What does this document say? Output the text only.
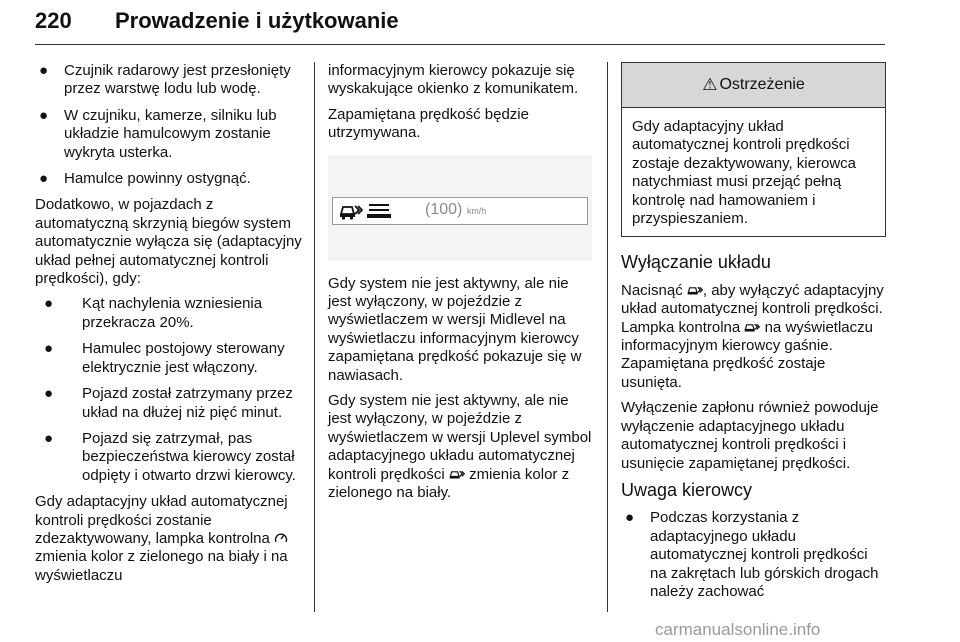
220 Prowadzenie i użytkowanie
● Czujnik radarowy jest przesłonięty przez warstwę lodu lub wodę.
● W czujniku, kamerze, silniku lub układzie hamulcowym zostanie wykryta usterka.
● Hamulce powinny ostygnąć.

Dodatkowo, w pojazdach z automatyczną skrzynią biegów system automatycznie wyłącza się (adaptacyjny układ pełnej automatycznej kontroli prędkości), gdy:

● Kąt nachylenia wzniesienia przekracza 20%.
● Hamulec postojowy sterowany elektrycznie jest włączony.
● Pojazd został zatrzymany przez układ na dłużej niż pięć minut.
● Pojazd się zatrzymał, pas bezpieczeństwa kierowcy został odpięty i otwarto drzwi kierowcy.

Gdy adaptacyjny układ automatycznej kontroli prędkości zostanie zdezaktywowany, lampka kontrolna  zmienia kolor z zielonego na biały i na wyświetlaczu

informacyjnym kierowcy pokazuje się wyskakujące okienko z komunikatem.

Zapamiętana prędkość będzie utrzymywana.

(100) km/h

Gdy system nie jest aktywny, ale nie jest wyłączony, w pojeździe z wyświetlaczem w wersji Midlevel na wyświetlaczu informacyjnym kierowcy zapamiętana prędkość pokazuje się w nawiasach.

Gdy system nie jest aktywny, ale nie jest wyłączony, w pojeździe z wyświetlaczem w wersji Uplevel symbol adaptacyjnego układu automatycznej kontroli prędkości zmienia kolor z zielonego na biały.

⚠ Ostrzeżenie
Gdy adaptacyjny układ automatycznej kontroli prędkości zostaje dezaktywowany, kierowca natychmiast musi przejąć pełną kontrolę nad hamowaniem i przyspieszaniem.
Wyłączanie układu

Nacisnąć , aby wyłączyć adaptacyjny układ automatycznej kontroli prędkości. Lampka kontrolna na wyświetlaczu informacyjnym kierowcy gaśnie. Zapamiętana prędkość zostaje usunięta.

Wyłączenie zapłonu również powoduje wyłączenie adaptacyjnego układu automatycznej kontroli prędkości i usunięcie zapamiętanej prędkości.

Uwaga kierowcy
● Podczas korzystania z adaptacyjnego układu automatycznej kontroli prędkości na zakrętach lub górskich drogach należy zachować
carmanualsonline.info
